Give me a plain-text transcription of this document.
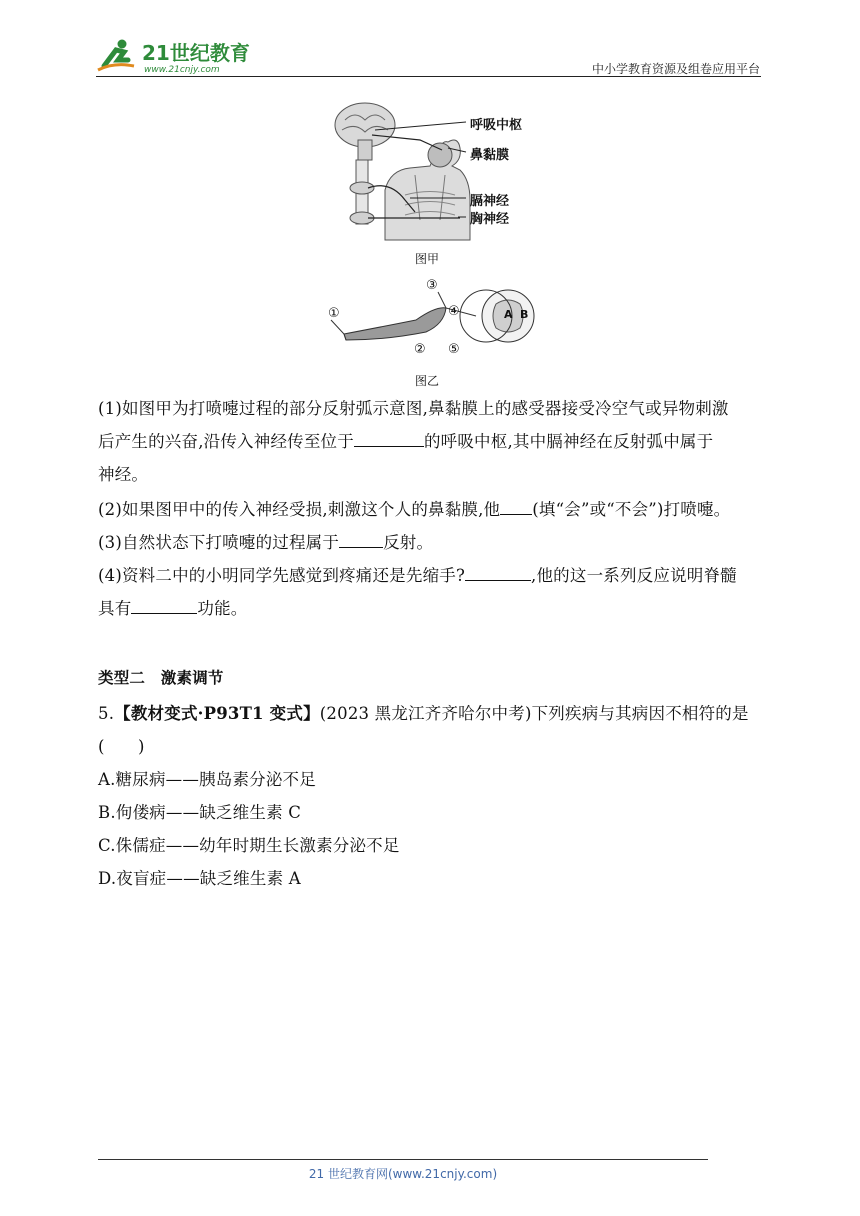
21世纪教育
www.21cnjy.com	中小学教育资源及组卷应用平台
呼吸中枢
鼻黏膜
膈神经
胸神经
图甲
①
②
③
④
⑤
A B
图乙
(1)如图甲为打喷嚏过程的部分反射弧示意图,鼻黏膜上的感受器接受冷空气或异物刺激
后产生的兴奋,沿传入神经传至位于	的呼吸中枢,其中膈神经在反射弧中属于
神经。
(2)如果图甲中的传入神经受损,刺激这个人的鼻黏膜,他 (填“会”或“不会”)打喷嚏。
(3)自然状态下打喷嚏的过程属于	反射。
(4)资料二中的小明同学先感觉到疼痛还是先缩手?	,他的这一系列反应说明脊髓
具有	功能。
类型二　激素调节
5.【教材变式·P93T1 变式】(2023 黑龙江齐齐哈尔中考)下列疾病与其病因不相符的是
(　　)
A.糖尿病——胰岛素分泌不足
B.佝偻病——缺乏维生素 C
C.侏儒症——幼年时期生长激素分泌不足
D.夜盲症——缺乏维生素 A
21 世纪教育网(www.21cnjy.com)
